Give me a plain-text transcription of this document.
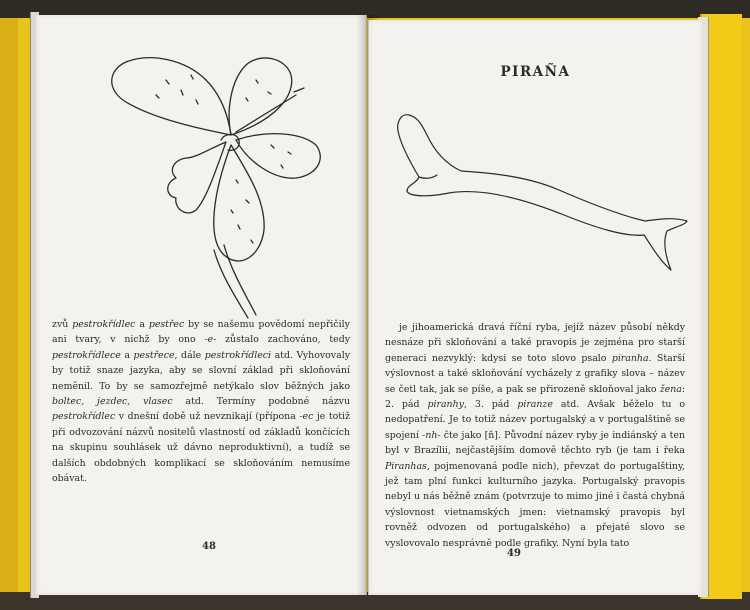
zvů pestrokřídlec a pestřec by se našemu povědomí nepřičily ani tvary, v nichž by ono -e- zůstalo zachováno, tedy pestrokřídlece a pestřece, dále pestrokřídleci atd. Vyhovovaly by totiž snaze jazyka, aby se slovní základ při skloňování neměnil. To by se samozřejmě netýkalo slov běžných jako boltec, jezdec, vlasec atd. Termíny podobné názvu pestrokřídlec v dnešní době už nevznikají (přípona -ec je totiž při odvozování názvů nositelů vlastností od základů končících na skupinu souhlásek už dávno neproduktivní), a tudíž se dalších obdobných komplikací se skloňováním nemusíme obávat.

48
PIRAÑA

je jihoamerická dravá říční ryba, jejíž název působí někdy nesnáze při skloňování a také pravopis je zejména pro starší generaci nezvyklý: kdysi se toto slovo psalo piranha. Starší výslovnost a také skloňování vycházely z grafiky slova – název se četl tak, jak se píše, a pak se přirozeně skloňoval jako žena: 2. pád piranhy, 3. pád piranze atd. Avšak běželo tu o nedopatření. Je to totiž název portugalský a v portugalštině se spojení -nh- čte jako [ň]. Původní název ryby je indiánský a ten byl v Brazílii, nejčastějším domově těchto ryb (je tam i řeka Piranhas, pojmenovaná podle nich), převzat do portugalštiny, jež tam plní funkci kulturního jazyka. Portugalský pravopis nebyl u nás běžně znám (potvrzuje to mimo jiné i častá chybná výslovnost vietnamských jmen: vietnamský pravopis byl rovněž odvozen od portugalského) a přejaté slovo se vyslovovalo nesprávně podle grafiky. Nyní byla tato

49
